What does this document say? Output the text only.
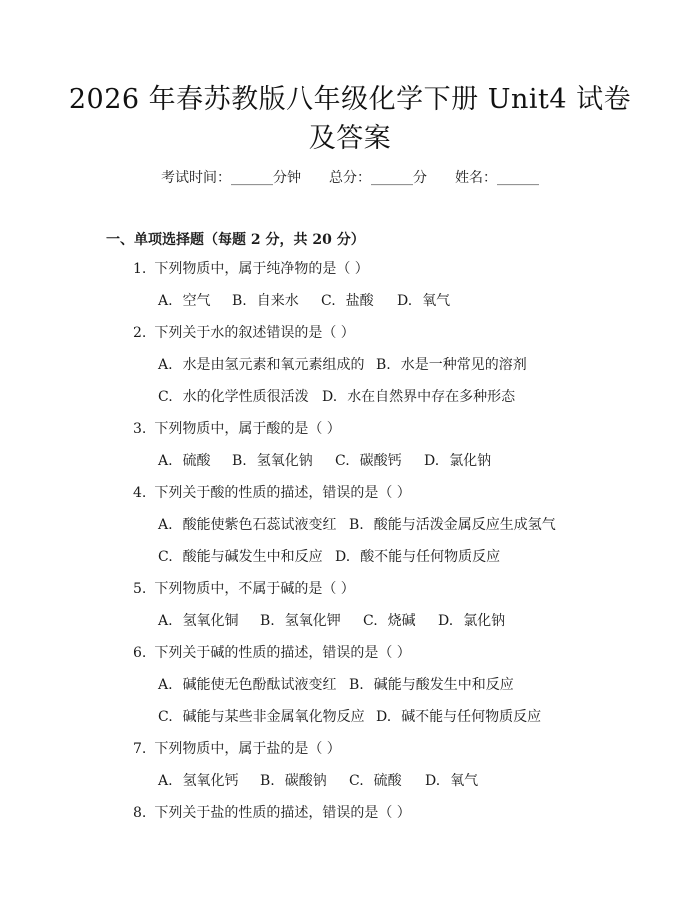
2026 年春苏教版八年级化学下册 Unit4 试卷
及答案
考试时间：______分钟 总分：______分 姓名：______
一、单项选择题（每题 2 分，共 20 分）
1. 下列物质中，属于纯净物的是（ ）
A. 空气 B. 自来水 C. 盐酸 D. 氧气
2. 下列关于水的叙述错误的是（ ）
A. 水是由氢元素和氧元素组成的 B. 水是一种常见的溶剂
C. 水的化学性质很活泼 D. 水在自然界中存在多种形态
3. 下列物质中，属于酸的是（ ）
A. 硫酸 B. 氢氧化钠 C. 碳酸钙 D. 氯化钠
4. 下列关于酸的性质的描述，错误的是（ ）
A. 酸能使紫色石蕊试液变红 B. 酸能与活泼金属反应生成氢气
C. 酸能与碱发生中和反应 D. 酸不能与任何物质反应
5. 下列物质中，不属于碱的是（ ）
A. 氢氧化铜 B. 氢氧化钾 C. 烧碱 D. 氯化钠
6. 下列关于碱的性质的描述，错误的是（ ）
A. 碱能使无色酚酞试液变红 B. 碱能与酸发生中和反应
C. 碱能与某些非金属氧化物反应 D. 碱不能与任何物质反应
7. 下列物质中，属于盐的是（ ）
A. 氢氧化钙 B. 碳酸钠 C. 硫酸 D. 氧气
8. 下列关于盐的性质的描述，错误的是（ ）
